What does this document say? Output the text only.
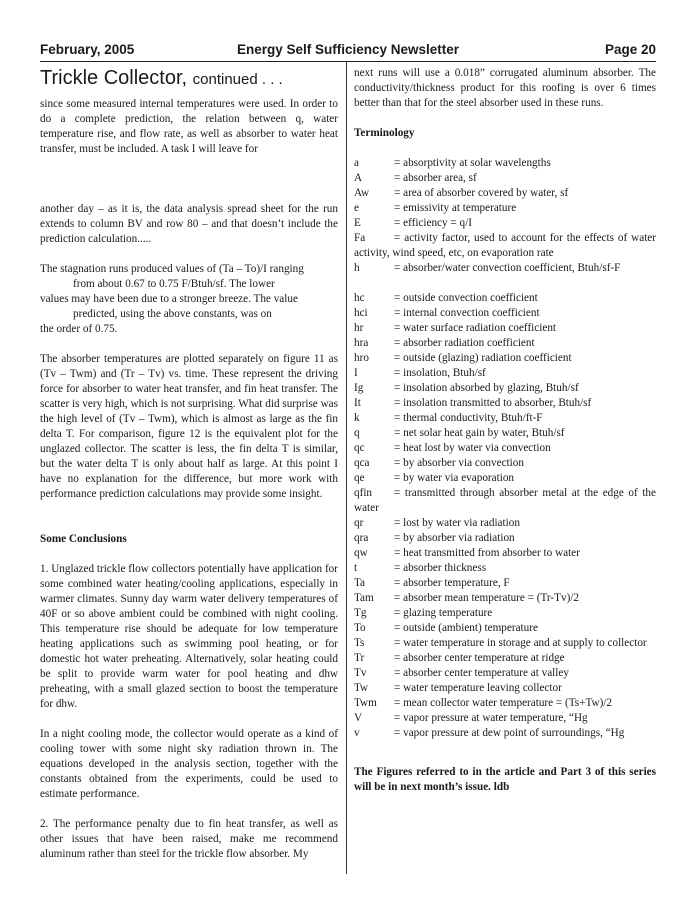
February, 2005	Energy Self Sufficiency Newsletter	Page 20
Trickle Collector, continued . . .

since some measured internal temperatures were used. In order to do a complete prediction, the relation between q, water temperature rise, and flow rate, as well as absorber to water heat transfer, must be included. A task I will leave for

another day – as it is, the data analysis spread sheet for the run extends to column BV and row 80 – and that doesn’t include the prediction calculation.....

The stagnation runs produced values of (Ta – To)/I ranging
from about 0.67 to 0.75 F/Btuh/sf. The lower
values may have been due to a stronger breeze. The value
predicted, using the above constants, was on
the order of 0.75.

The absorber temperatures are plotted separately on figure 11 as (Tv – Twm) and (Tr – Tv) vs. time. These represent the driving force for absorber to water heat transfer, and fin heat transfer. The scatter is very high, which is not surprising. What did surprise was the high level of (Tv – Twm), which is almost as large as the fin delta T. For comparison, figure 12 is the equivalent plot for the unglazed collector. The scatter is less, the fin delta T is similar, but the water delta T is only about half as large. At this point I have no explanation for the difference, but more work with performance prediction calculations may provide some insight.

Some Conclusions

1. Unglazed trickle flow collectors potentially have application for some combined water heating/cooling applications, especially in warmer climates. Sunny day warm water delivery temperatures of 40F or so above ambient could be combined with night cooling. This temperature rise should be adequate for low temperature heating applications such as swimming pool heating, or for domestic hot water preheating. Alternatively, solar heating could be split to provide warm water for pool heating and dhw preheating, with a small glazed section to boost the temperature for dhw.

In a night cooling mode, the collector would operate as a kind of cooling tower with some night sky radiation thrown in. The equations developed in the analysis section, together with the constants obtained from the experiments, could be used to estimate performance.

2. The performance penalty due to fin heat transfer, as well as other issues that have been raised, make me recommend aluminum rather than steel for the trickle flow absorber. My

next runs will use a 0.018” corrugated aluminum absorber. The conductivity/thickness product for this roofing is over 6 times better than that for the steel absorber used in these runs.

Terminology

a	= absorptivity at solar wavelengths
A	= absorber area, sf
Aw	= area of absorber covered by water, sf
e	= emissivity at temperature
E	= efficiency = q/I
Fa	= activity factor, used to account for the effects of water activity, wind speed, etc, on evaporation rate
h	= absorber/water convection coefficient, Btuh/sf-F
hc	= outside convection coefficient
hci	= internal convection coefficient
hr	= water surface radiation coefficient
hra	= absorber radiation coefficient
hro	= outside (glazing) radiation coefficient
I	= insolation, Btuh/sf
Ig	= insolation absorbed by glazing, Btuh/sf
It	= insolation transmitted to absorber, Btuh/sf
k	= thermal conductivity, Btuh/ft-F
q	= net solar heat gain by water, Btuh/sf
qc	= heat lost by water via convection
qca	= by absorber via convection
qe	= by water via evaporation
qfin = transmitted through absorber metal at the edge of the water
qr	= lost by water via radiation
qra	= by absorber via radiation
qw	= heat transmitted from absorber to water
t	= absorber thickness
Ta	= absorber temperature, F
Tam	= absorber mean temperature = (Tr-Tv)/2
Tg	= glazing temperature
To	= outside (ambient) temperature
Ts	= water temperature in storage and at supply to collector
Tr	= absorber center temperature at ridge
Tv	= absorber center temperature at valley
Tw	= water temperature leaving collector
Twm	= mean collector water temperature = (Ts+Tw)/2
V	= vapor pressure at water temperature, “Hg
v	= vapor pressure at dew point of surroundings, “Hg

The Figures referred to in the article and Part 3 of this series will be in next month’s issue. ldb
